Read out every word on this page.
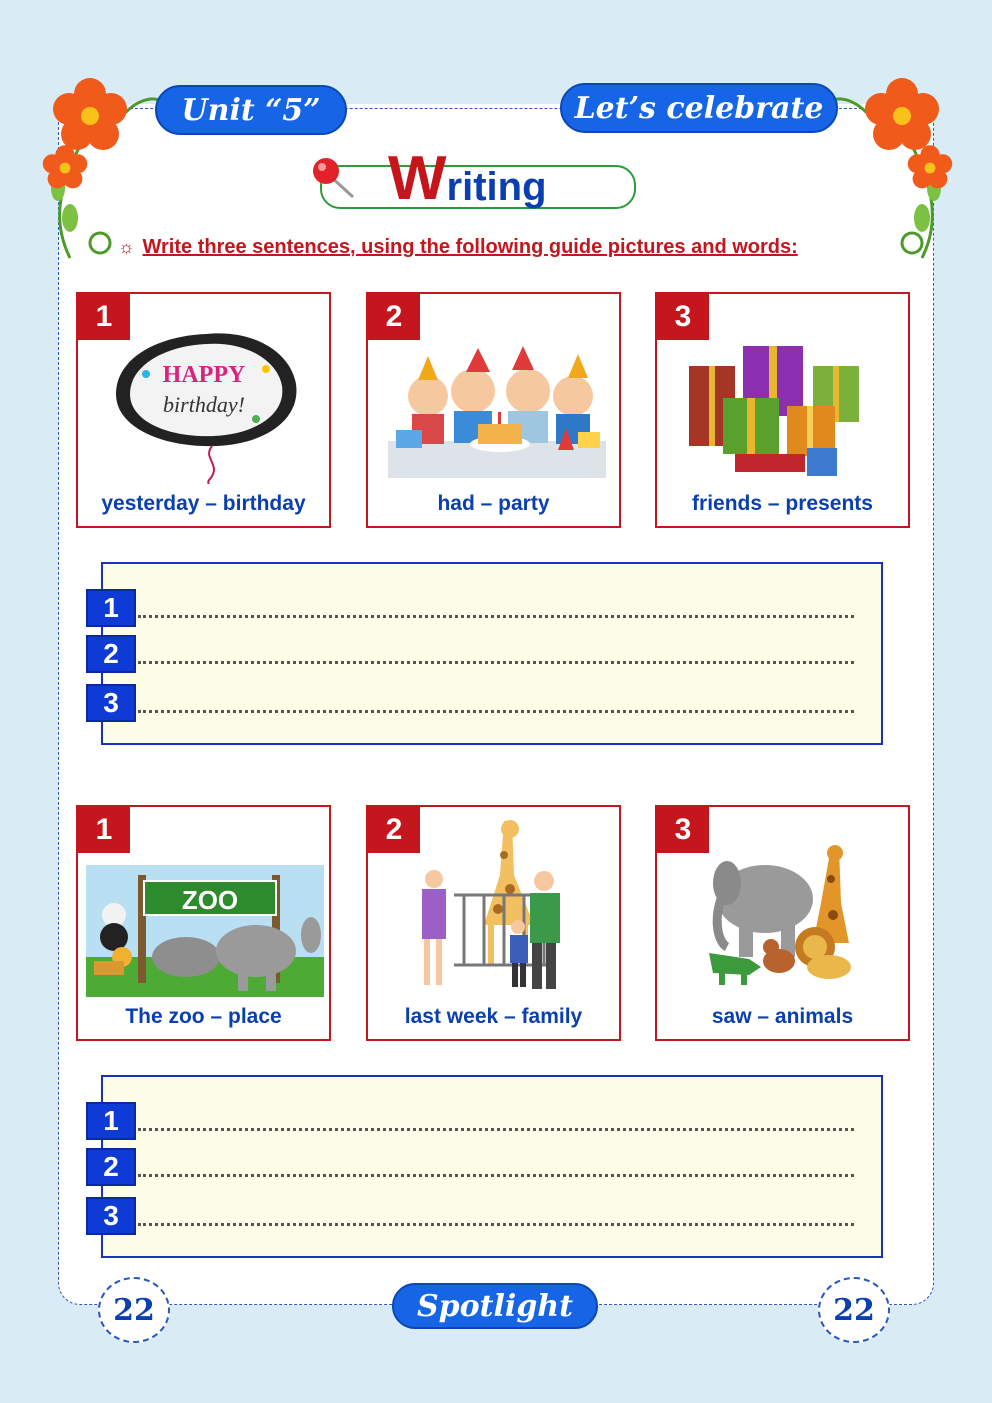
Unit “5”	Let’s celebrate
W riting
☼ Write three sentences, using the following guide pictures and words:
1
HAPPY
birthday!
yesterday – birthday
2
had – party
3
friends – presents
1
2
3
1
ZOO
The zoo – place
2
last week – family
3
saw – animals
1
2
3
22	Spotlight	22
